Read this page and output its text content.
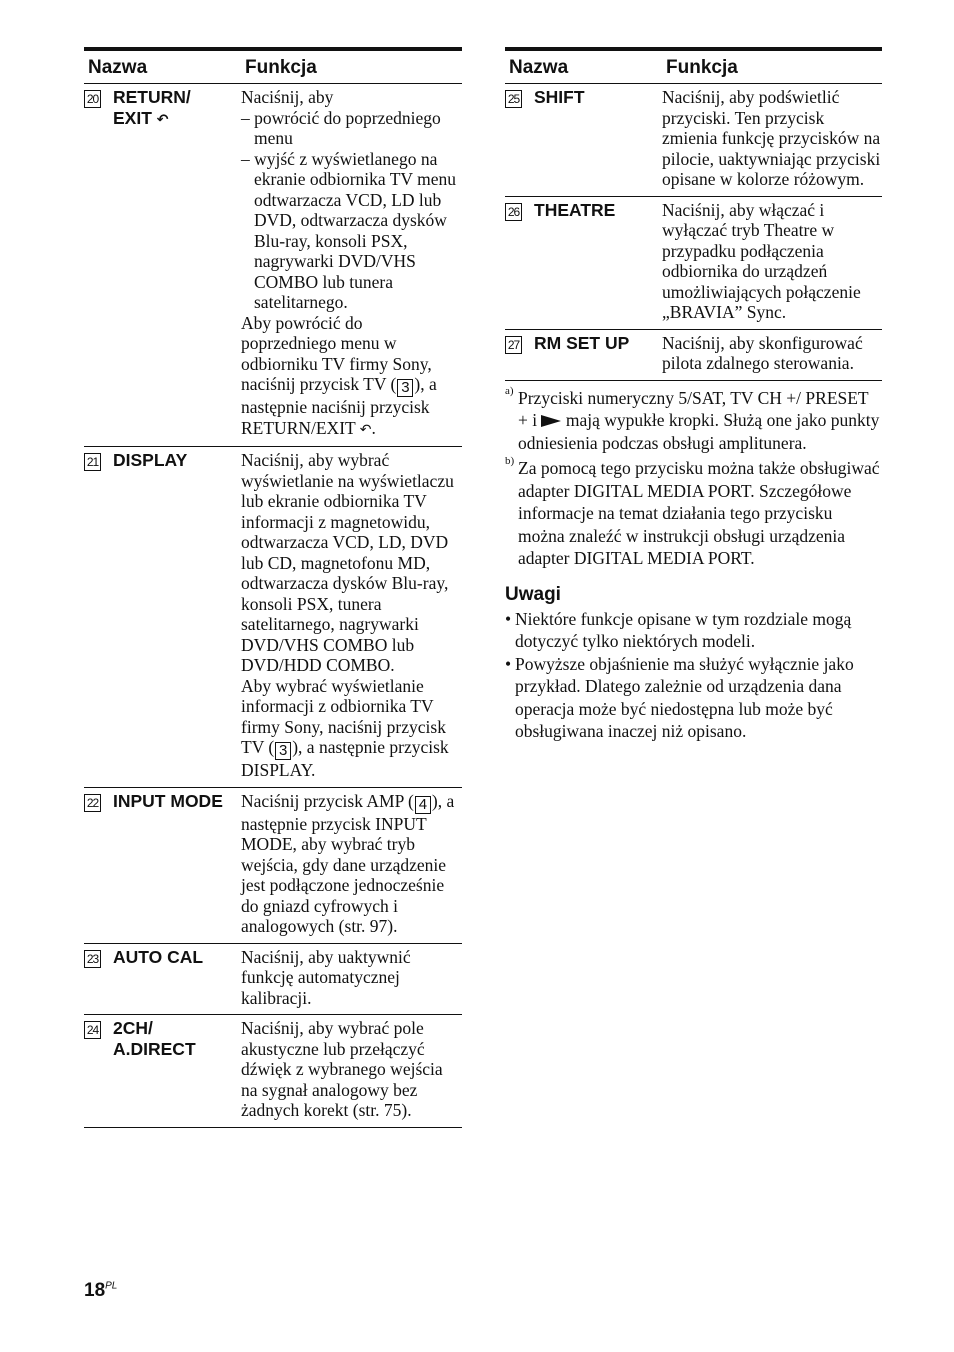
Nazwa	Funkcja
20 RETURN/
EXIT ↶	Naciśnij, aby
– powrócić do poprzedniego menu
– wyjść z wyświetlanego na ekranie odbiornika TV menu odtwarzacza VCD, LD lub DVD, odtwarzacza dysków Blu-ray, konsoli PSX, nagrywarki DVD/VHS COMBO lub tunera satelitarnego.
Aby powrócić do poprzedniego menu w odbiorniku TV firmy Sony, naciśnij przycisk TV ( 3 ), a następnie naciśnij przycisk RETURN/EXIT ↶.
21 DISPLAY	Naciśnij, aby wybrać wyświetlanie na wyświetlaczu lub ekranie odbiornika TV informacji z magnetowidu, odtwarzacza VCD, LD, DVD lub CD, magnetofonu MD, odtwarzacza dysków Blu-ray, konsoli PSX, tunera satelitarnego, nagrywarki DVD/VHS COMBO lub DVD/HDD COMBO.
Aby wybrać wyświetlanie informacji z odbiornika TV firmy Sony, naciśnij przycisk TV ( 3 ), a następnie przycisk DISPLAY.
22 INPUT MODE	Naciśnij przycisk AMP ( 4 ), a następnie przycisk INPUT MODE, aby wybrać tryb wejścia, gdy dane urządzenie jest podłączone jednocześnie do gniazd cyfrowych i analogowych (str. 97).
23 AUTO CAL	Naciśnij, aby uaktywnić funkcję automatycznej kalibracji.
24 2CH/
A.DIRECT	Naciśnij, aby wybrać pole akustyczne lub przełączyć dźwięk z wybranego wejścia na sygnał analogowy bez żadnych korekt (str. 75).
Nazwa	Funkcja
25 SHIFT	Naciśnij, aby podświetlić przyciski. Ten przycisk zmienia funkcję przycisków na pilocie, uaktywniając przyciski opisane w kolorze różowym.
26 THEATRE	Naciśnij, aby włączać i wyłączać tryb Theatre w przypadku podłączenia odbiornika do urządzeń umożliwiających połączenie „BRAVIA” Sync.
27 RM SET UP	Naciśnij, aby skonfigurować pilota zdalnego sterowania.
a) Przyciski numeryczny 5/SAT, TV CH +/ PRESET + i mają wypukłe kropki. Służą one jako punkty odniesienia podczas obsługi amplitunera.
b) Za pomocą tego przycisku można także obsługiwać adapter DIGITAL MEDIA PORT. Szczegółowe informacje na temat działania tego przycisku można znaleźć w instrukcji obsługi urządzenia adapter DIGITAL MEDIA PORT.
Uwagi
• Niektóre funkcje opisane w tym rozdziale mogą dotyczyć tylko niektórych modeli.
• Powyższe objaśnienie ma służyć wyłącznie jako przykład. Dlatego zależnie od urządzenia dana operacja może być niedostępna lub może być obsługiwana inaczej niż opisano.
$18^{PL}$
